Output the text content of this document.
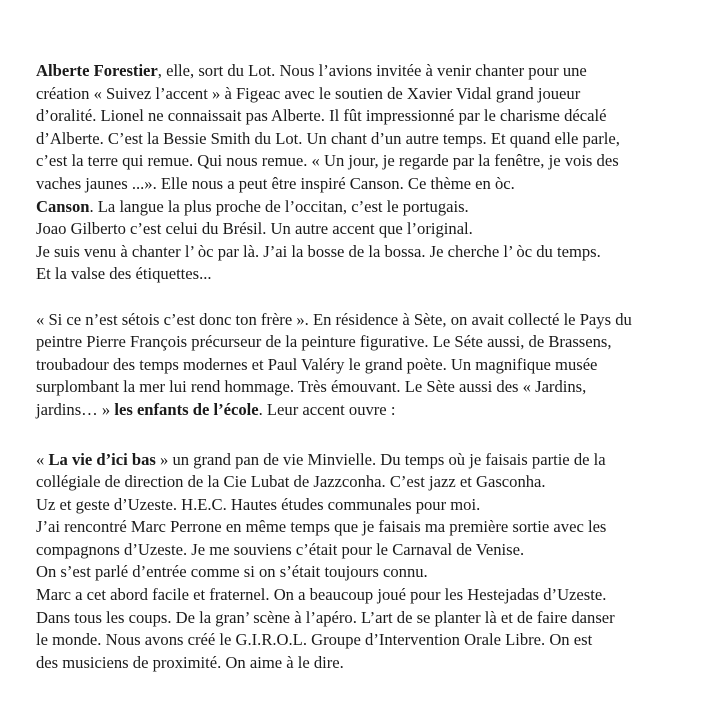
Alberte Forestier, elle, sort du Lot. Nous l’avions invitée à venir chanter pour une
création « Suivez l’accent » à Figeac avec le soutien de Xavier Vidal grand joueur
d’oralité. Lionel ne connaissait pas Alberte. Il fût impressionné par le charisme décalé
d’Alberte. C’est la Bessie Smith du Lot. Un chant d’un autre temps. Et quand elle parle,
c’est la terre qui remue. Qui nous remue. « Un jour, je regarde par la fenêtre, je vois des
vaches jaunes ...». Elle nous a peut être inspiré Canson. Ce thème en òc.
Canson. La langue la plus proche de l’occitan, c’est le portugais.
Joao Gilberto c’est celui du Brésil. Un autre accent que l’original.
Je suis venu à chanter l’ òc par là. J’ai la bosse de la bossa. Je cherche l’ òc du temps.
Et la valse des étiquettes...
« Si ce n’est sétois c’est donc ton frère ». En résidence à Sète, on avait collecté le Pays du
peintre Pierre François précurseur de la peinture figurative. Le Séte aussi, de Brassens,
troubadour des temps modernes et Paul Valéry le grand poète. Un magnifique musée
surplombant la mer lui rend hommage. Très émouvant. Le Sète aussi des « Jardins,
jardins… » les enfants de l’école. Leur accent ouvre :
« La vie d’ici bas » un grand pan de vie Minvielle. Du temps où je faisais partie de la
collégiale de direction de la Cie Lubat de Jazzconha. C’est jazz et Gasconha.
Uz et geste d’Uzeste. H.E.C. Hautes études communales pour moi.
J’ai rencontré Marc Perrone en même temps que je faisais ma première sortie avec les
compagnons d’Uzeste. Je me souviens c’était pour le Carnaval de Venise.
On s’est parlé d’entrée comme si on s’était toujours connu.
Marc a cet abord facile et fraternel. On a beaucoup joué pour les Hestejadas d’Uzeste.
Dans tous les coups. De la gran’ scène à l’apéro. L’art de se planter là et de faire danser
le monde. Nous avons créé le G.I.R.O.L. Groupe d’Intervention Orale Libre. On est
des musiciens de proximité. On aime à le dire.
